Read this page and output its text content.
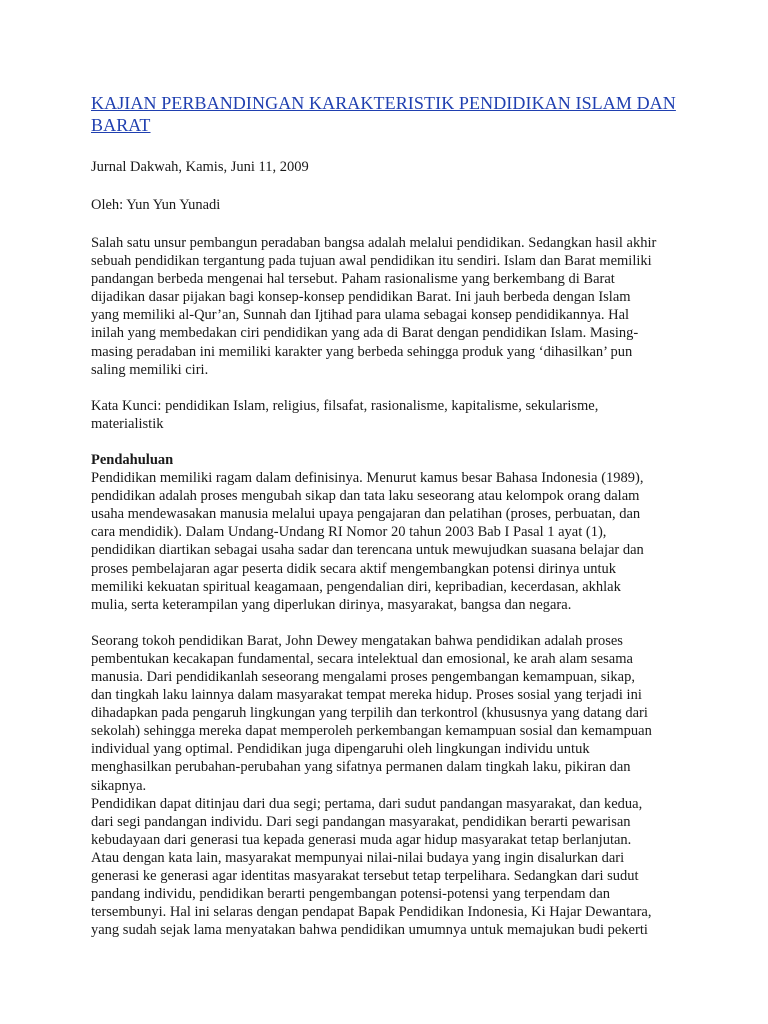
KAJIAN PERBANDINGAN KARAKTERISTIK PENDIDIKAN ISLAM DAN BARAT

Jurnal Dakwah, Kamis, Juni 11, 2009

Oleh: Yun Yun Yunadi

Salah satu unsur pembangun peradaban bangsa adalah melalui pendidikan. Sedangkan hasil akhir sebuah pendidikan tergantung pada tujuan awal pendidikan itu sendiri. Islam dan Barat memiliki pandangan berbeda mengenai hal tersebut. Paham rasionalisme yang berkembang di Barat dijadikan dasar pijakan bagi konsep-konsep pendidikan Barat. Ini jauh berbeda dengan Islam yang memiliki al-Qur’an, Sunnah dan Ijtihad para ulama sebagai konsep pendidikannya. Hal inilah yang membedakan ciri pendidikan yang ada di Barat dengan pendidikan Islam. Masing-masing peradaban ini memiliki karakter yang berbeda sehingga produk yang ‘dihasilkan’ pun saling memiliki ciri.

Kata Kunci: pendidikan Islam, religius, filsafat, rasionalisme, kapitalisme, sekularisme, materialistik

Pendahuluan

Pendidikan memiliki ragam dalam definisinya. Menurut kamus besar Bahasa Indonesia (1989), pendidikan adalah proses mengubah sikap dan tata laku seseorang atau kelompok orang dalam usaha mendewasakan manusia melalui upaya pengajaran dan pelatihan (proses, perbuatan, dan cara mendidik). Dalam Undang-Undang RI Nomor 20 tahun 2003 Bab I Pasal 1 ayat (1), pendidikan diartikan sebagai usaha sadar dan terencana untuk mewujudkan suasana belajar dan proses pembelajaran agar peserta didik secara aktif mengembangkan potensi dirinya untuk memiliki kekuatan spiritual keagamaan, pengendalian diri, kepribadian, kecerdasan, akhlak mulia, serta keterampilan yang diperlukan dirinya, masyarakat, bangsa dan negara.

Seorang tokoh pendidikan Barat, John Dewey mengatakan bahwa pendidikan adalah proses pembentukan kecakapan fundamental, secara intelektual dan emosional, ke arah alam sesama manusia. Dari pendidikanlah seseorang mengalami proses pengembangan kemampuan, sikap, dan tingkah laku lainnya dalam masyarakat tempat mereka hidup. Proses sosial yang terjadi ini dihadapkan pada pengaruh lingkungan yang terpilih dan terkontrol (khususnya yang datang dari sekolah) sehingga mereka dapat memperoleh perkembangan kemampuan sosial dan kemampuan individual yang optimal. Pendidikan juga dipengaruhi oleh lingkungan individu untuk menghasilkan perubahan-perubahan yang sifatnya permanen dalam tingkah laku, pikiran dan sikapnya.

Pendidikan dapat ditinjau dari dua segi; pertama, dari sudut pandangan masyarakat, dan kedua, dari segi pandangan individu. Dari segi pandangan masyarakat, pendidikan berarti pewarisan kebudayaan dari generasi tua kepada generasi muda agar hidup masyarakat tetap berlanjutan. Atau dengan kata lain, masyarakat mempunyai nilai-nilai budaya yang ingin disalurkan dari generasi ke generasi agar identitas masyarakat tersebut tetap terpelihara. Sedangkan dari sudut pandang individu, pendidikan berarti pengembangan potensi-potensi yang terpendam dan tersembunyi. Hal ini selaras dengan pendapat Bapak Pendidikan Indonesia, Ki Hajar Dewantara, yang sudah sejak lama menyatakan bahwa pendidikan umumnya untuk memajukan budi pekerti
